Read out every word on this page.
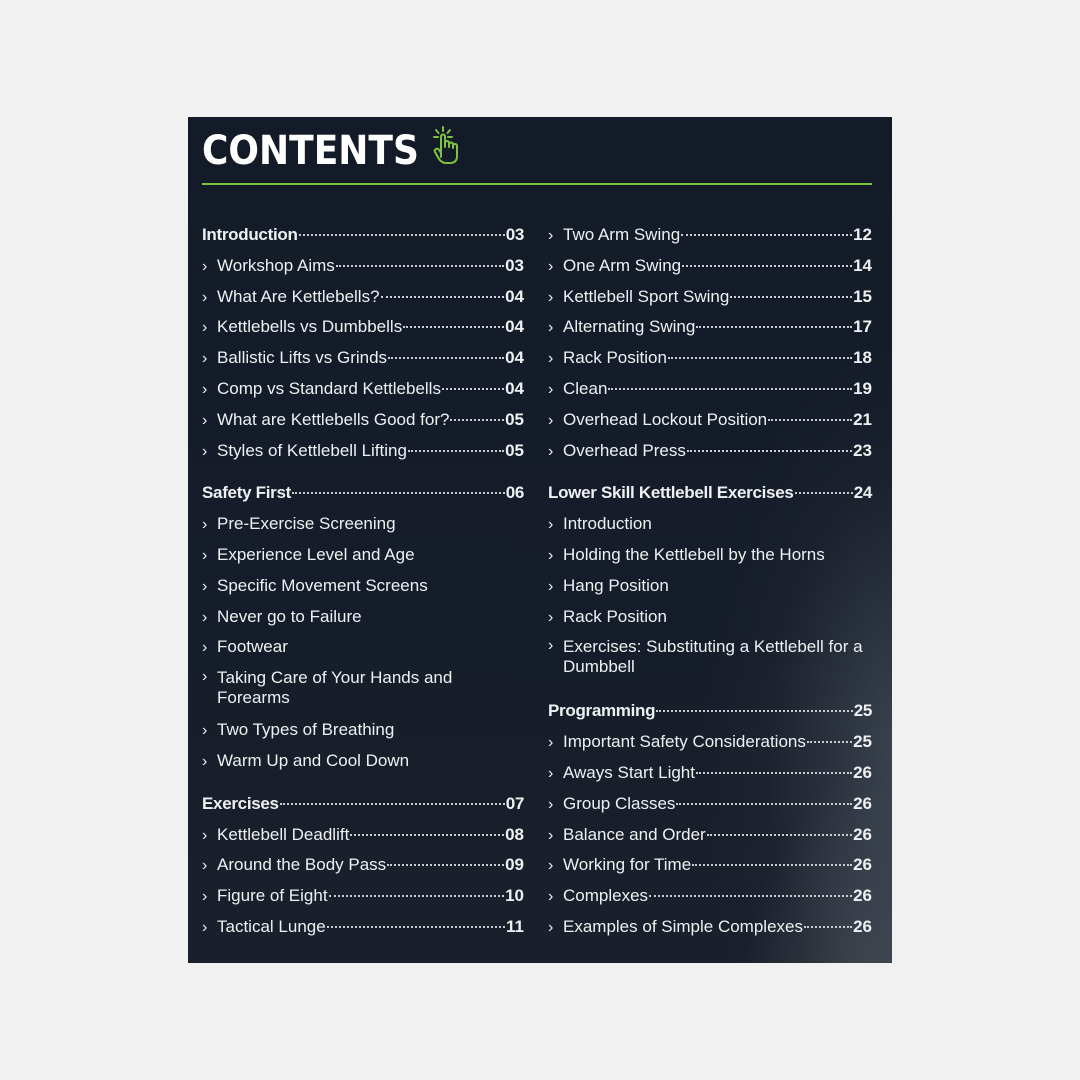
CONTENTS
Introduction	03
› Workshop Aims	03
› What Are Kettlebells?	04
› Kettlebells vs Dumbbells	04
› Ballistic Lifts vs Grinds	04
› Comp vs Standard Kettlebells	04
› What are Kettlebells Good for?	05
› Styles of Kettlebell Lifting	05
Safety First	06
› Pre-Exercise Screening
› Experience Level and Age
› Specific Movement Screens
› Never go to Failure
› Footwear
› Taking Care of Your Hands and Forearms
› Two Types of Breathing
› Warm Up and Cool Down
Exercises	07
› Kettlebell Deadlift	08
› Around the Body Pass	09
› Figure of Eight	10
› Tactical Lunge	11
› Two Arm Swing	12
› One Arm Swing	14
› Kettlebell Sport Swing	15
› Alternating Swing	17
› Rack Position	18
› Clean	19
› Overhead Lockout Position	21
› Overhead Press	23
Lower Skill Kettlebell Exercises	24
› Introduction
› Holding the Kettlebell by the Horns
› Hang Position
› Rack Position
› Exercises: Substituting a Kettlebell for a Dumbbell
Programming	25
› Important Safety Considerations	25
› Aways Start Light	26
› Group Classes	26
› Balance and Order	26
› Working for Time	26
› Complexes	26
› Examples of Simple Complexes	26
